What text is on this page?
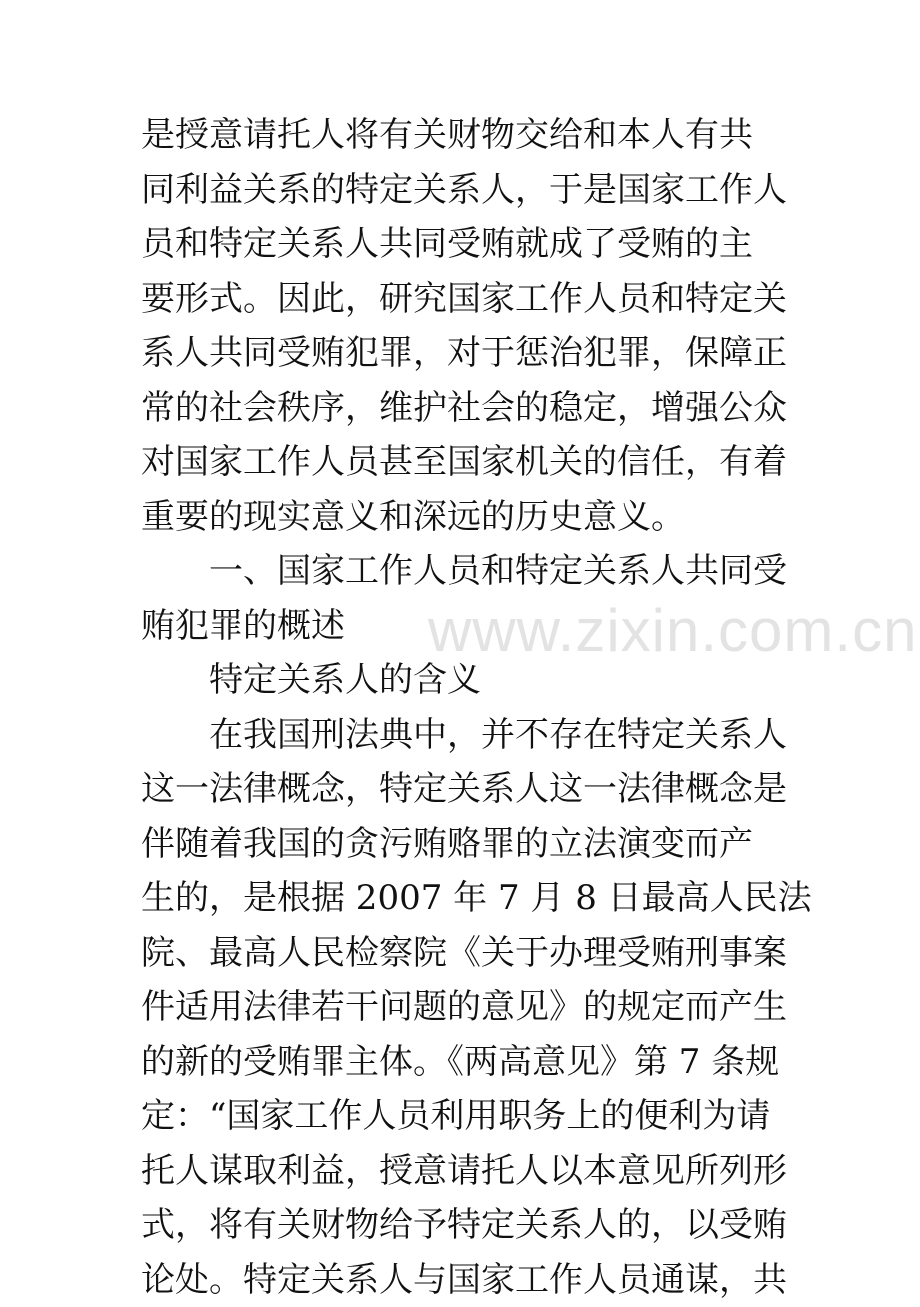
www.zixin.com.cn
是授意请托人将有关财物交给和本人有共
同利益关系的特定关系人，于是国家工作人
员和特定关系人共同受贿就成了受贿的主
要形式。因此，研究国家工作人员和特定关
系人共同受贿犯罪，对于惩治犯罪，保障正
常的社会秩序，维护社会的稳定，增强公众
对国家工作人员甚至国家机关的信任，有着
重要的现实意义和深远的历史意义。
一、国家工作人员和特定关系人共同受
贿犯罪的概述
特定关系人的含义
在我国刑法典中，并不存在特定关系人
这一法律概念，特定关系人这一法律概念是
伴随着我国的贪污贿赂罪的立法演变而产
生的，是根据 2007 年 7 月 8 日最高人民法
院、最高人民检察院《关于办理受贿刑事案
件适用法律若干问题的意见》的规定而产生
的新的受贿罪主体。《两高意见》第 7 条规
定：“国家工作人员利用职务上的便利为请
托人谋取利益，授意请托人以本意见所列形
式，将有关财物给予特定关系人的，以受贿
论处。特定关系人与国家工作人员通谋，共
